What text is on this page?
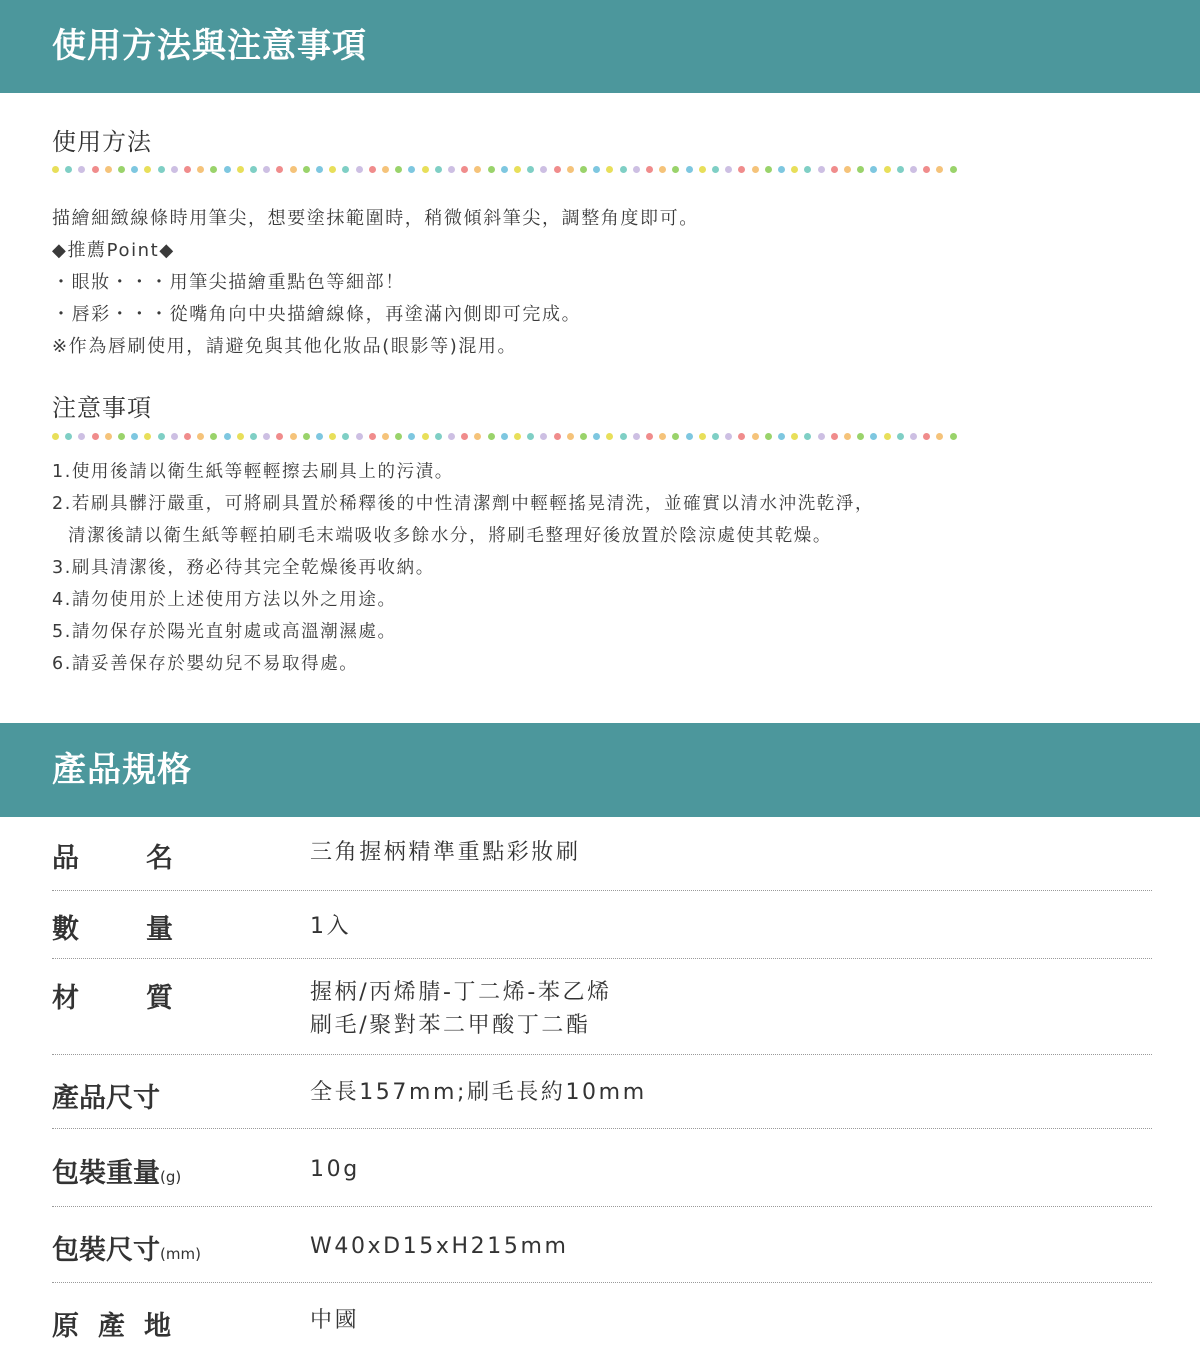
使用方法與注意事項
使用方法
描繪細緻線條時用筆尖，想要塗抹範圍時，稍微傾斜筆尖，調整角度即可。
◆推薦Point◆
・眼妝・・・用筆尖描繪重點色等細部！
・唇彩・・・從嘴角向中央描繪線條，再塗滿內側即可完成。
※作為唇刷使用，請避免與其他化妝品(眼影等)混用。
注意事項
1.使用後請以衛生紙等輕輕擦去刷具上的污漬。
2.若刷具髒汙嚴重，可將刷具置於稀釋後的中性清潔劑中輕輕搖晃清洗，並確實以清水沖洗乾淨，
清潔後請以衛生紙等輕拍刷毛末端吸收多餘水分，將刷毛整理好後放置於陰涼處使其乾燥。
3.刷具清潔後，務必待其完全乾燥後再收納。
4.請勿使用於上述使用方法以外之用途。
5.請勿保存於陽光直射處或高溫潮濕處。
6.請妥善保存於嬰幼兒不易取得處。
產品規格
品 名	三角握柄精準重點彩妝刷
數 量	1入
材 質	握柄/丙烯腈-丁二烯-苯乙烯
刷毛/聚對苯二甲酸丁二酯
產品尺寸	全長157mm;刷毛長約10mm
包裝重量(g)	10g
包裝尺寸(mm)	W40xD15xH215mm
原 產 地	中國
